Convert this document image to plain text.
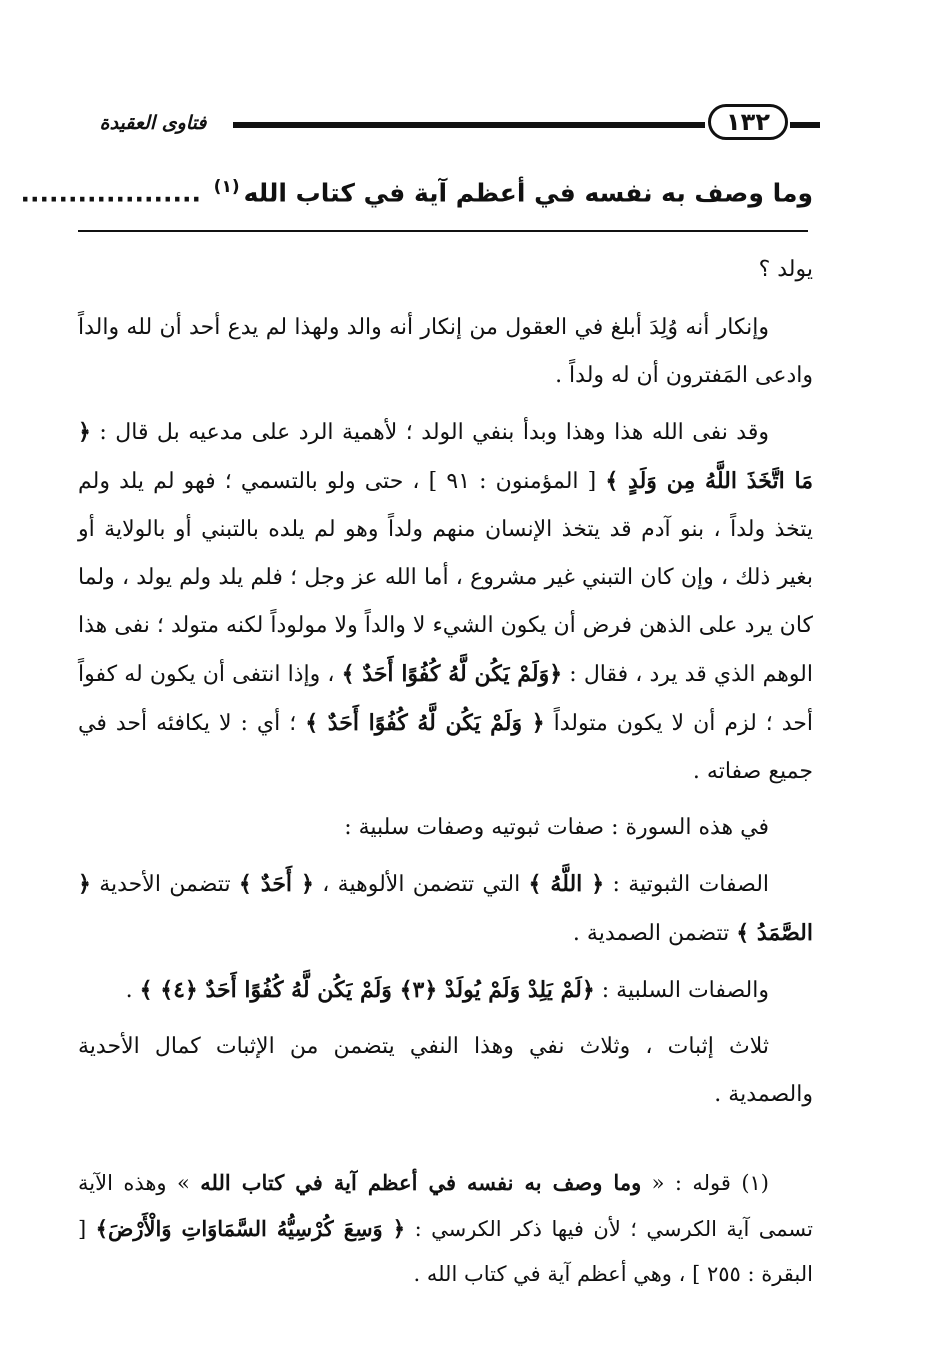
١٣٢
فتاوى العقيدة
وما وصف به نفسه في أعظم آية في كتاب الله$^{(١)}$ ...................

يولد ؟

وإنكار أنه وُلِدَ أبلغ في العقول من إنكار أنه والد ولهذا لم يدع أحد أن لله والداً وادعى المَفترون أن له ولداً .

وقد نفى الله هذا وهذا وبدأ بنفي الولد ؛ لأهمية الرد على مدعيه بل قال : ﴿ مَا اتَّخَذَ اللَّهُ مِن وَلَدٍ ﴾ [ المؤمنون : ٩١ ] ، حتى ولو بالتسمي ؛ فهو لم يلد ولم يتخذ ولداً ، بنو آدم قد يتخذ الإنسان منهم ولداً وهو لم يلده بالتبني أو بالولاية أو بغير ذلك ، وإن كان التبني غير مشروع ، أما الله عز وجل ؛ فلم يلد ولم يولد ، ولما كان يرد على الذهن فرض أن يكون الشيء لا والداً ولا مولوداً لكنه متولد ؛ نفى هذا الوهم الذي قد يرد ، فقال : ﴿وَلَمْ يَكُن لَّهُ كُفُوًا أَحَدٌ ﴾ ، وإذا انتفى أن يكون له كفواً أحد ؛ لزم أن لا يكون متولداً ﴿ وَلَمْ يَكُن لَّهُ كُفُوًا أَحَدٌ ﴾ ؛ أي : لا يكافئه أحد في جميع صفاته .

في هذه السورة : صفات ثبوتيه وصفات سلبية :

الصفات الثبوتية : ﴿ اللَّهُ ﴾ التي تتضمن الألوهية ، ﴿ أَحَدٌ ﴾ تتضمن الأحدية ﴿ الصَّمَدُ ﴾ تتضمن الصمدية .

والصفات السلبية : ﴿لَمْ يَلِدْ وَلَمْ يُولَدْ ﴿٣﴾ وَلَمْ يَكُن لَّهُ كُفُوًا أَحَدٌ ﴿٤﴾ ﴾ .

ثلاث إثبات ، وثلاث نفي وهذا النفي يتضمن من الإثبات كمال الأحدية والصمدية .

(١) قوله : « وما وصف به نفسه في أعظم آية في كتاب الله » وهذه الآية تسمى آية الكرسي ؛ لأن فيها ذكر الكرسي : ﴿ وَسِعَ كُرْسِيُّهُ السَّمَاوَاتِ وَالْأَرْضَ﴾ [ البقرة : ٢٥٥ ] ، وهي أعظم آية في كتاب الله .
